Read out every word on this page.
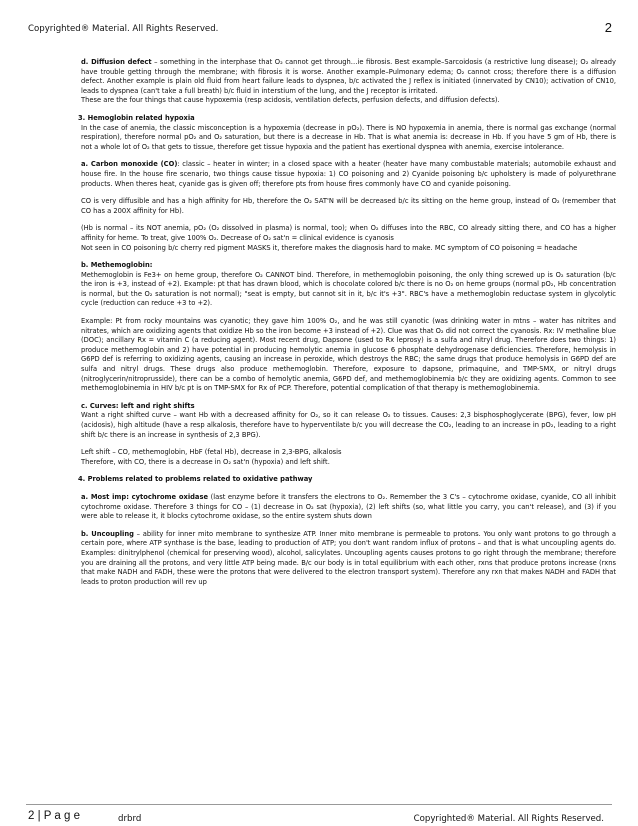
Copyrighted® Material. All Rights Reserved.	2

d. Diffusion defect – something in the interphase that O₂ cannot get through…ie fibrosis. Best example–Sarcoidosis (a restrictive lung disease); O₂ already have trouble getting through the membrane; with fibrosis it is worse. Another example–Pulmonary edema; O₂ cannot cross; therefore there is a diffusion defect. Another example is plain old fluid from heart failure leads to dyspnea, b/c activated the J reflex is initiated (innervated by CN10); activation of CN10, leads to dyspnea (can't take a full breath) b/c fluid in interstium of the lung, and the J receptor is irritated.

These are the four things that cause hypoxemia (resp acidosis, ventilation defects, perfusion defects, and diffusion defects).

3. Hemoglobin related hypoxia

In the case of anemia, the classic misconception is a hypoxemia (decrease in pO₂). There is NO hypoxemia in anemia, there is normal gas exchange (normal respiration), therefore normal pO₂ and O₂ saturation, but there is a decrease in Hb. That is what anemia is: decrease in Hb. If you have 5 gm of Hb, there is not a whole lot of O₂ that gets to tissue, therefore get tissue hypoxia and the patient has exertional dyspnea with anemia, exercise intolerance.

a. Carbon monoxide (CO): classic – heater in winter; in a closed space with a heater (heater have many combustable materials; automobile exhaust and house fire. In the house fire scenario, two things cause tissue hypoxia: 1) CO poisoning and 2) Cyanide poisoning b/c upholstery is made of polyurethrane products. When theres heat, cyanide gas is given off; therefore pts from house fires commonly have CO and cyanide poisoning.

CO is very diffusible and has a high affinity for Hb, therefore the O₂ SAT'N will be decreased b/c its sitting on the heme group, instead of O₂ (remember that CO has a 200X affinity for Hb).

(Hb is normal – its NOT anemia, pO₂ (O₂ dissolved in plasma) is normal, too); when O₂ diffuses into the RBC, CO already sitting there, and CO has a higher affinity for heme. To treat, give 100% O₂. Decrease of O₂ sat'n = clinical evidence is cyanosis

Not seen in CO poisoning b/c cherry red pigment MASKS it, therefore makes the diagnosis hard to make. MC symptom of CO poisoning = headache

b. Methemoglobin:

Methemoglobin is Fe3+ on heme group, therefore O₂ CANNOT bind. Therefore, in methemoglobin poisoning, the only thing screwed up is O₂ saturation (b/c the iron is +3, instead of +2). Example: pt that has drawn blood, which is chocolate colored b/c there is no O₂ on heme groups (normal pO₂, Hb concentration is normal, but the O₂ saturation is not normal); "seat is empty, but cannot sit in it, b/c it's +3". RBC's have a methemoglobin reductase system in glycolytic cycle (reduction can reduce +3 to +2).

Example: Pt from rocky mountains was cyanotic; they gave him 100% O₂, and he was still cyanotic (was drinking water in mtns – water has nitrites and nitrates, which are oxidizing agents that oxidize Hb so the iron become +3 instead of +2). Clue was that O₂ did not correct the cyanosis. Rx: IV methaline blue (DOC); ancillary Rx = vitamin C (a reducing agent). Most recent drug, Dapsone (used to Rx leprosy) is a sulfa and nitryl drug. Therefore does two things: 1) produce methemoglobin and 2) have potential in producing hemolytic anemia in glucose 6 phosphate dehydrogenase deficiencies. Therefore, hemolysis in G6PD def is referring to oxidizing agents, causing an increase in peroxide, which destroys the RBC; the same drugs that produce hemolysis in G6PD def are sulfa and nitryl drugs. These drugs also produce methemoglobin. Therefore, exposure to dapsone, primaquine, and TMP-SMX, or nitryl drugs (nitroglycerin/nitroprusside), there can be a combo of hemolytic anemia, G6PD def, and methemoglobinemia b/c they are oxidizing agents. Common to see methemoglobinemia in HIV b/c pt is on TMP-SMX for Rx of PCP. Therefore, potential complication of that therapy is methemoglobinemia.

c. Curves: left and right shifts

Want a right shifted curve – want Hb with a decreased affinity for O₂, so it can release O₂ to tissues. Causes: 2,3 bisphosphoglycerate (BPG), fever, low pH (acidosis), high altitude (have a resp alkalosis, therefore have to hyperventilate b/c you will decrease the CO₂, leading to an increase in pO₂, leading to a right shift b/c there is an increase in synthesis of 2,3 BPG).

Left shift – CO, methemoglobin, HbF (fetal Hb), decrease in 2,3-BPG, alkalosis

Therefore, with CO, there is a decrease in O₂ sat'n (hypoxia) and left shift.

4. Problems related to problems related to oxidative pathway

a. Most imp: cytochrome oxidase (last enzyme before it transfers the electrons to O₂. Remember the 3 C's – cytochrome oxidase, cyanide, CO all inhibit cytochrome oxidase. Therefore 3 things for CO – (1) decrease in O₂ sat (hypoxia), (2) left shifts (so, what little you carry, you can't release), and (3) if you were able to release it, it blocks cytochrome oxidase, so the entire system shuts down

b. Uncoupling – ability for inner mito membrane to synthesize ATP. Inner mito membrane is permeable to protons. You only want protons to go through a certain pore, where ATP synthase is the base, leading to production of ATP; you don't want random influx of protons – and that is what uncoupling agents do. Examples: dinitrylphenol (chemical for preserving wood), alcohol, salicylates. Uncoupling agents causes protons to go right through the membrane; therefore you are draining all the protons, and very little ATP being made. B/c our body is in total equilibrium with each other, rxns that produce protons increase (rxns that make NADH and FADH, these were the protons that were delivered to the electron transport system). Therefore any rxn that makes NADH and FADH that leads to proton production will rev up

2 | P a g e	drbrd	Copyrighted® Material. All Rights Reserved.
